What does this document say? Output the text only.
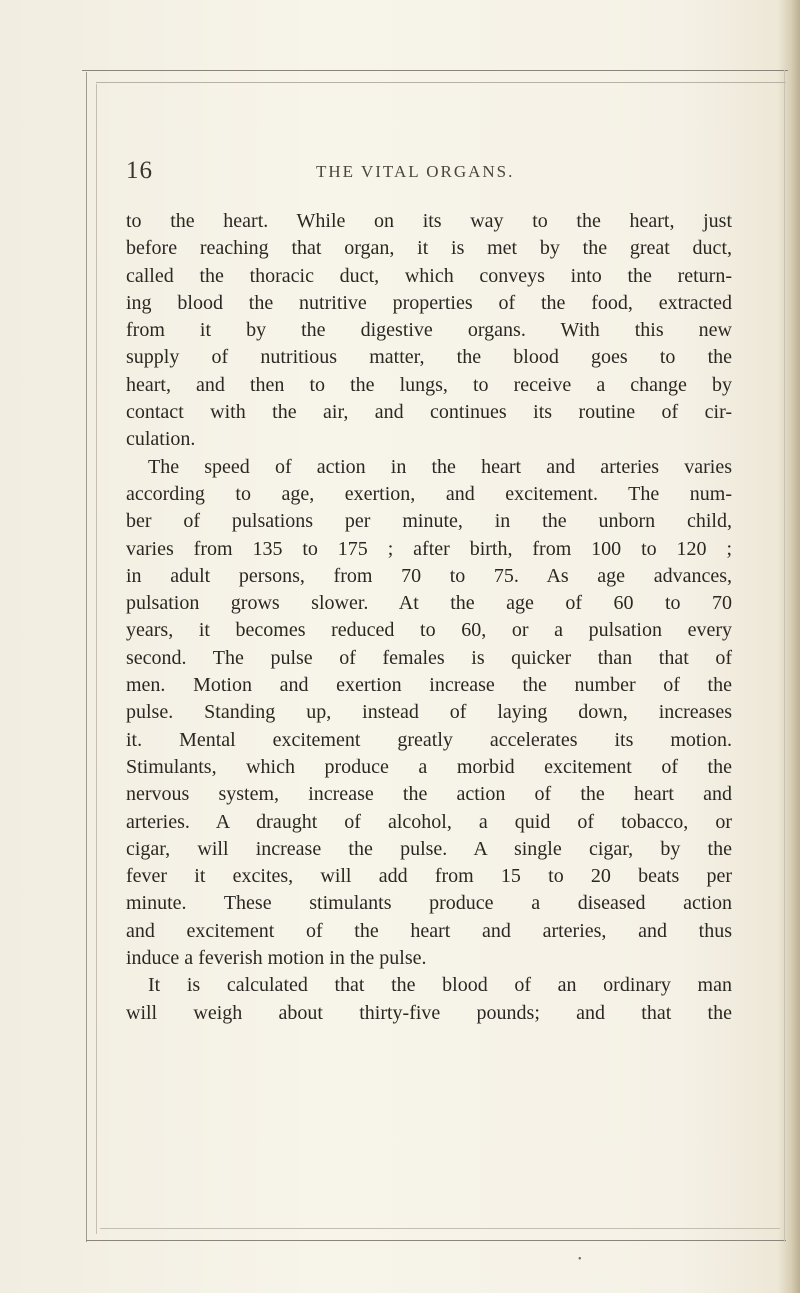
16	THE VITAL ORGANS.
to the heart. While on its way to the heart, just
before reaching that organ, it is met by the great duct,
called the thoracic duct, which conveys into the return-
ing blood the nutritive properties of the food, extracted
from it by the digestive organs. With this new
supply of nutritious matter, the blood goes to the
heart, and then to the lungs, to receive a change by
contact with the air, and continues its routine of cir-
culation.
The speed of action in the heart and arteries varies
according to age, exertion, and excitement. The num-
ber of pulsations per minute, in the unborn child,
varies from 135 to 175 ; after birth, from 100 to 120 ;
in adult persons, from 70 to 75. As age advances,
pulsation grows slower. At the age of 60 to 70
years, it becomes reduced to 60, or a pulsation every
second. The pulse of females is quicker than that of
men. Motion and exertion increase the number of the
pulse. Standing up, instead of laying down, increases
it. Mental excitement greatly accelerates its motion.
Stimulants, which produce a morbid excitement of the
nervous system, increase the action of the heart and
arteries. A draught of alcohol, a quid of tobacco, or
cigar, will increase the pulse. A single cigar, by the
fever it excites, will add from 15 to 20 beats per
minute. These stimulants produce a diseased action
and excitement of the heart and arteries, and thus
induce a feverish motion in the pulse.
It is calculated that the blood of an ordinary man
will weigh about thirty-five pounds; and that the
•
